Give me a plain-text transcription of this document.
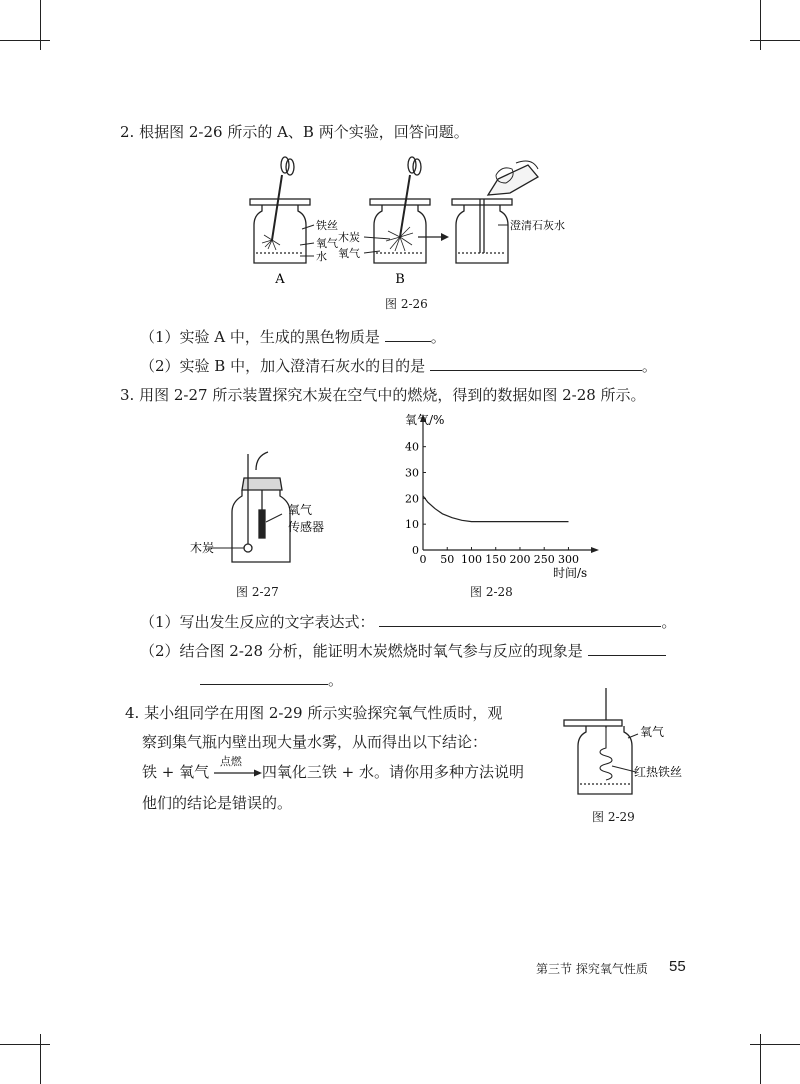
2. 根据图 2-26 所示的 A、B 两个实验，回答问题。
铁丝
氧气
水
A
木炭
氧气
B
澄清石灰水
图 2-26
（1）实验 A 中，生成的黑色物质是	。
（2）实验 B 中，加入澄清石灰水的目的是	。
3. 用图 2-27 所示装置探究木炭在空气中的燃烧，得到的数据如图 2-28 所示。
氧气
传感器
木炭
图 2-27
0 50 100 150 200 250 300
0
10
20
30
40
氧气/%
时间/s
图 2-28
（1）写出发生反应的文字表达式：	。
（2）结合图 2-28 分析，能证明木炭燃烧时氧气参与反应的现象是
。
4. 某小组同学在用图 2-29 所示实验探究氧气性质时，观
察到集气瓶内壁出现大量水雾，从而得出以下结论：
铁 + 氧气
点燃
四氧化三铁 + 水。请你用多种方法说明
他们的结论是错误的。
氧气
红热铁丝
图 2-29
第三节 探究氧气性质 55
